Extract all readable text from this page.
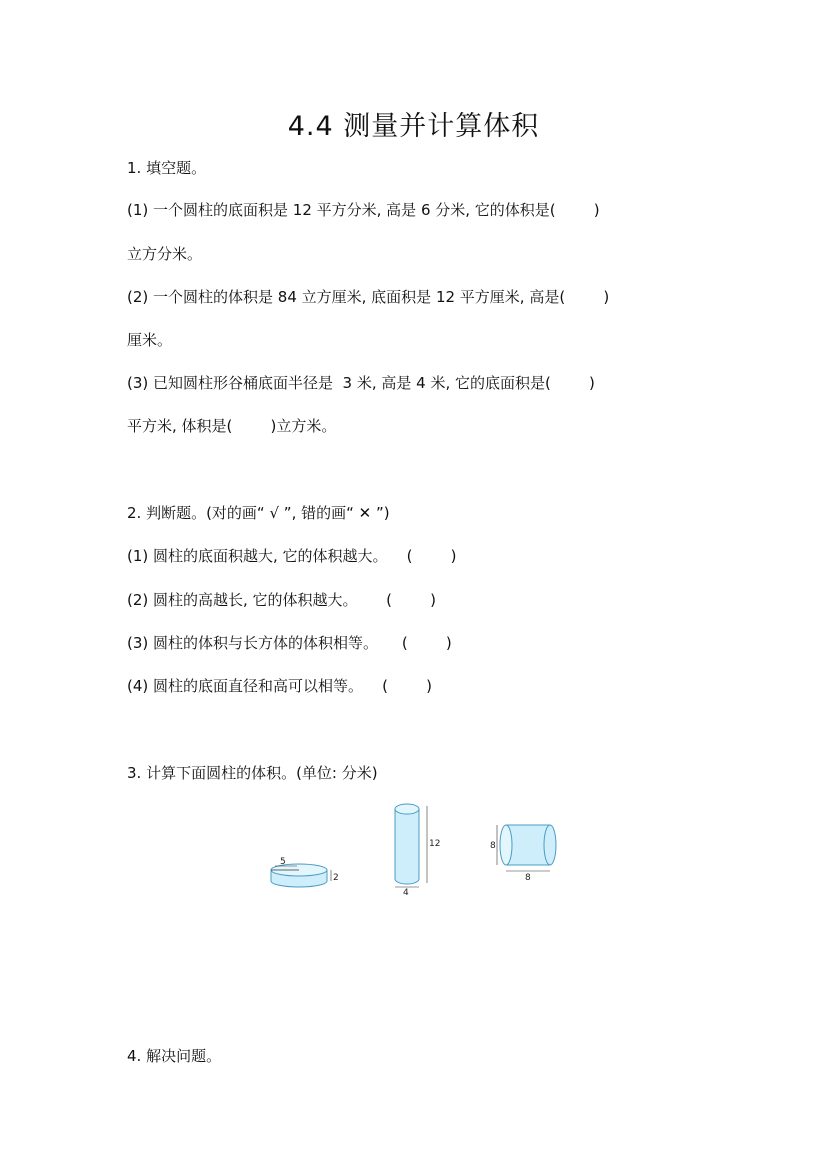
4.4 测量并计算体积
1. 填空题。
(1) 一个圆柱的底面积是 12 平方分米, 高是 6 分米, 它的体积是(        )
立方分米。
(2) 一个圆柱的体积是 84 立方厘米, 底面积是 12 平方厘米, 高是(        )
厘米。
(3) 已知圆柱形谷桶底面半径是  3 米, 高是 4 米, 它的底面积是(        )
平方米, 体积是(        )立方米。
2. 判断题。(对的画“ √ ”, 错的画“ ✕ ”)
(1) 圆柱的底面积越大, 它的体积越大。    (        )
(2) 圆柱的高越长, 它的体积越大。      (        )
(3) 圆柱的体积与长方体的体积相等。     (        )
(4) 圆柱的底面直径和高可以相等。    (        )
3. 计算下面圆柱的体积。(单位: 分米)
5
2
12
4
8
8
4. 解决问题。
